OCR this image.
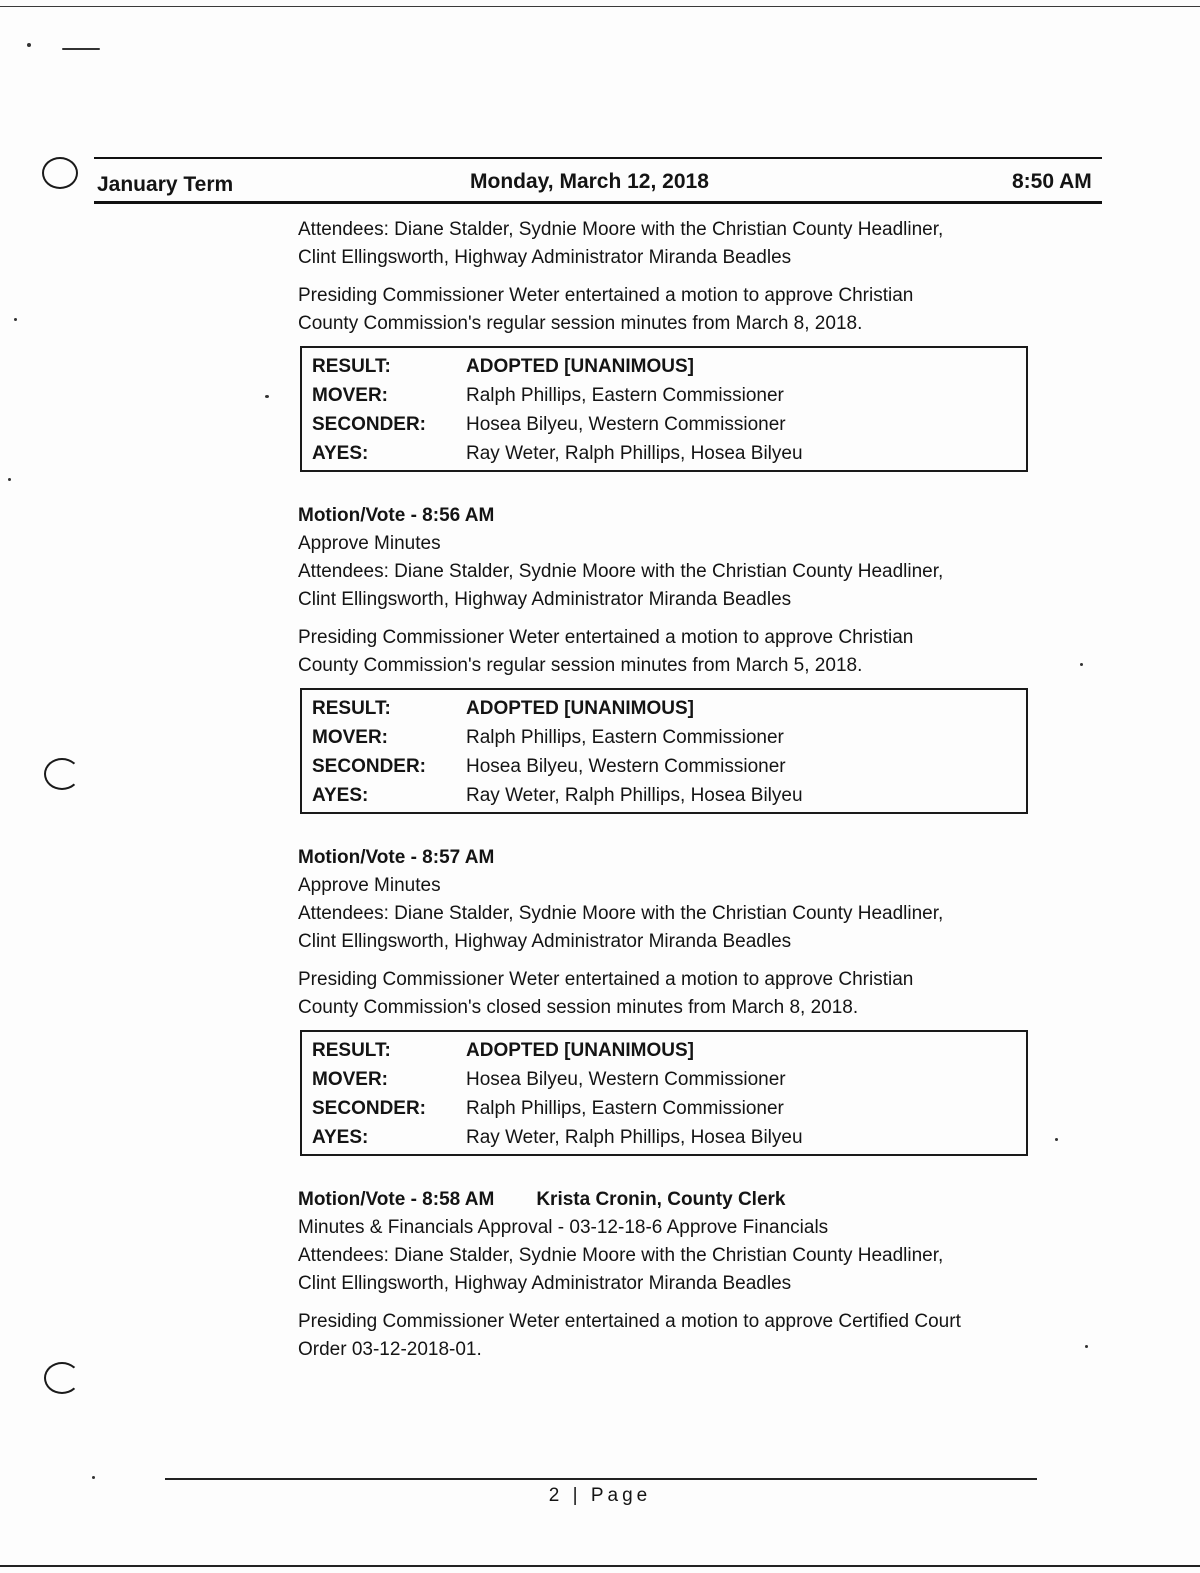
January Term	Monday, March 12, 2018	8:50 AM

Attendees: Diane Stalder, Sydnie Moore with the Christian County Headliner,

Clint Ellingsworth, Highway Administrator Miranda Beadles

Presiding Commissioner Weter entertained a motion to approve Christian

County Commission's regular session minutes from March 8, 2018.

RESULT:	ADOPTED [UNANIMOUS]
MOVER:	Ralph Phillips, Eastern Commissioner
SECONDER:	Hosea Bilyeu, Western Commissioner
AYES:	Ray Weter, Ralph Phillips, Hosea Bilyeu

Motion/Vote - 8:56 AM

Approve Minutes

Attendees: Diane Stalder, Sydnie Moore with the Christian County Headliner,

Clint Ellingsworth, Highway Administrator Miranda Beadles

Presiding Commissioner Weter entertained a motion to approve Christian

County Commission's regular session minutes from March 5, 2018.

RESULT:	ADOPTED [UNANIMOUS]
MOVER:	Ralph Phillips, Eastern Commissioner
SECONDER:	Hosea Bilyeu, Western Commissioner
AYES:	Ray Weter, Ralph Phillips, Hosea Bilyeu

Motion/Vote - 8:57 AM

Approve Minutes

Attendees: Diane Stalder, Sydnie Moore with the Christian County Headliner,

Clint Ellingsworth, Highway Administrator Miranda Beadles

Presiding Commissioner Weter entertained a motion to approve Christian

County Commission's closed session minutes from March 8, 2018.

RESULT:	ADOPTED [UNANIMOUS]
MOVER:	Hosea Bilyeu, Western Commissioner
SECONDER:	Ralph Phillips, Eastern Commissioner
AYES:	Ray Weter, Ralph Phillips, Hosea Bilyeu

Motion/Vote - 8:58 AM Krista Cronin, County Clerk

Minutes & Financials Approval - 03-12-18-6 Approve Financials

Attendees: Diane Stalder, Sydnie Moore with the Christian County Headliner,

Clint Ellingsworth, Highway Administrator Miranda Beadles

Presiding Commissioner Weter entertained a motion to approve Certified Court

Order 03-12-2018-01.

2 | Page
